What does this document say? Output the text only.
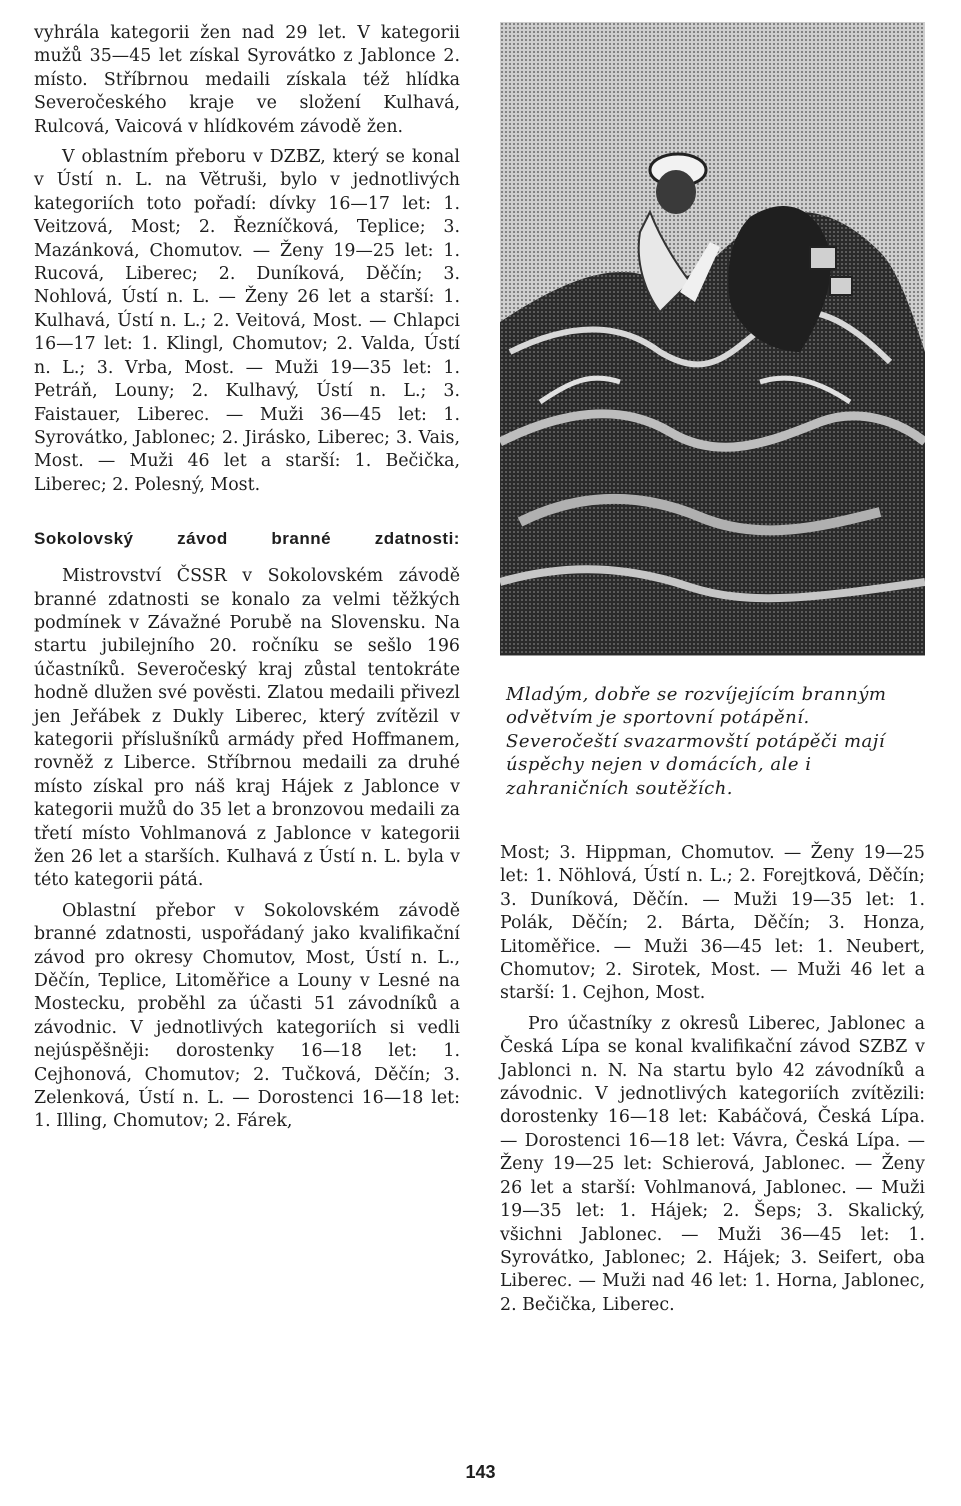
vyhrála kategorii žen nad 29 let. V kategorii mužů 35—45 let získal Syrovátko z Jablonce 2. místo. Stříbrnou medaili získala též hlídka Severočeského kraje ve složení Kulhavá, Rulcová, Vaicová v hlídkovém závodě žen.

V oblastním přeboru v DZBZ, který se konal v Ústí n. L. na Větruši, bylo v jednotlivých kategoriích toto pořadí: dívky 16—17 let: 1. Veitzová, Most; 2. Řezníčková, Teplice; 3. Mazánková, Chomutov. — Ženy 19—25 let: 1. Rucová, Liberec; 2. Duníková, Děčín; 3. Nohlová, Ústí n. L. — Ženy 26 let a starší: 1. Kulhavá, Ústí n. L.; 2. Veitová, Most. — Chlapci 16—17 let: 1. Klingl, Chomutov; 2. Valda, Ústí n. L.; 3. Vrba, Most. — Muži 19—35 let: 1. Petráň, Louny; 2. Kulhavý, Ústí n. L.; 3. Faistauer, Liberec. — Muži 36—45 let: 1. Syrovátko, Jablonec; 2. Jirásko, Liberec; 3. Vais, Most. — Muži 46 let a starší: 1. Bečička, Liberec; 2. Polesný, Most.

Sokolovský	závod	branné	zdatnosti:

Mistrovství ČSSR v Sokolovském závodě branné zdatnosti se konalo za velmi těžkých podmínek v Závažné Porubě na Slovensku. Na startu jubilejního 20. ročníku se sešlo 196 účastníků. Severočeský kraj zůstal tentokráte hodně dlužen své pověsti. Zlatou medaili přivezl jen Jeřábek z Dukly Liberec, který zvítězil v kategorii příslušníků armády před Hoffmanem, rovněž z Liberce. Stříbrnou medaili za druhé místo získal pro náš kraj Hájek z Jablonce v kategorii mužů do 35 let a bronzovou medaili za třetí místo Vohlmanová z Jablonce v kategorii žen 26 let a starších. Kulhavá z Ústí n. L. byla v této kategorii pátá.

Oblastní přebor v Sokolovském závodě branné zdatnosti, uspořádaný jako kvalifikační závod pro okresy Chomutov, Most, Ústí n. L., Děčín, Teplice, Litoměřice a Louny v Lesné na Mostecku, proběhl za účasti 51 závodníků a závodnic. V jednotlivých kategoriích si vedli nejúspěšněji: dorostenky 16—18 let: 1. Cejhonová, Chomutov; 2. Tučková, Děčín; 3. Zelenková, Ústí n. L. — Dorostenci 16—18 let: 1. Illing, Chomutov; 2. Fárek,

Mladým, dobře se rozvíjejícím branným odvětvím je sportovní potápění. Severočeští svazarmovští potápěči mají úspěchy nejen v domácích, ale i zahraničních soutěžích.

Most; 3. Hippman, Chomutov. — Ženy 19—25 let: 1. Nöhlová, Ústí n. L.; 2. Forejtková, Děčín; 3. Duníková, Děčín. — Muži 19—35 let: 1. Polák, Děčín; 2. Bárta, Děčín; 3. Honza, Litoměřice. — Muži 36—45 let: 1. Neubert, Chomutov; 2. Sirotek, Most. — Muži 46 let a starší: 1. Cejhon, Most.

Pro účastníky z okresů Liberec, Jablonec a Česká Lípa se konal kvalifikační závod SZBZ v Jablonci n. N. Na startu bylo 42 závodníků a závodnic. V jednotlivých kategoriích zvítězili: dorostenky 16—18 let: Kabáčová, Česká Lípa. — Dorostenci 16—18 let: Vávra, Česká Lípa. — Ženy 19—25 let: Schierová, Jablonec. — Ženy 26 let a starší: Vohlmanová, Jablonec. — Muži 19—35 let: 1. Hájek; 2. Šeps; 3. Skalický, všichni Jablonec. — Muži 36—45 let: 1. Syrovátko, Jablonec; 2. Hájek; 3. Seifert, oba Liberec. — Muži nad 46 let: 1. Horna, Jablonec, 2. Bečička, Liberec.

143
